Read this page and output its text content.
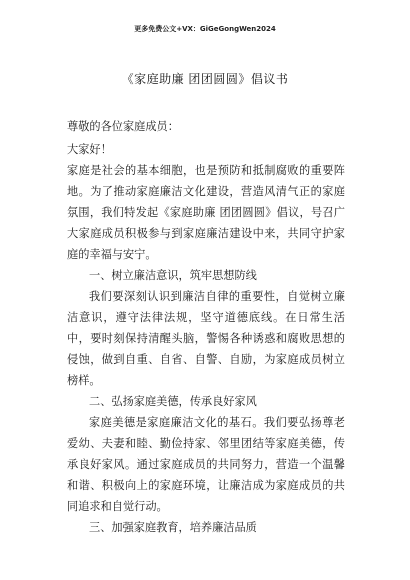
更多免费公文+VX：GiGeGongWen2024
《家庭助廉 团团圆圆》倡议书

尊敬的各位家庭成员：

大家好！

家庭是社会的基本细胞，也是预防和抵制腐败的重要阵地。为了推动家庭廉洁文化建设，营造风清气正的家庭氛围，我们特发起《家庭助廉 团团圆圆》倡议，号召广大家庭成员积极参与到家庭廉洁建设中来，共同守护家庭的幸福与安宁。

一、树立廉洁意识，筑牢思想防线

我们要深刻认识到廉洁自律的重要性，自觉树立廉洁意识，遵守法律法规，坚守道德底线。在日常生活中，要时刻保持清醒头脑，警惕各种诱惑和腐败思想的侵蚀，做到自重、自省、自警、自励，为家庭成员树立榜样。

二、弘扬家庭美德，传承良好家风

家庭美德是家庭廉洁文化的基石。我们要弘扬尊老爱幼、夫妻和睦、勤俭持家、邻里团结等家庭美德，传承良好家风。通过家庭成员的共同努力，营造一个温馨和谐、积极向上的家庭环境，让廉洁成为家庭成员的共同追求和自觉行动。

三、加强家庭教育，培养廉洁品质
